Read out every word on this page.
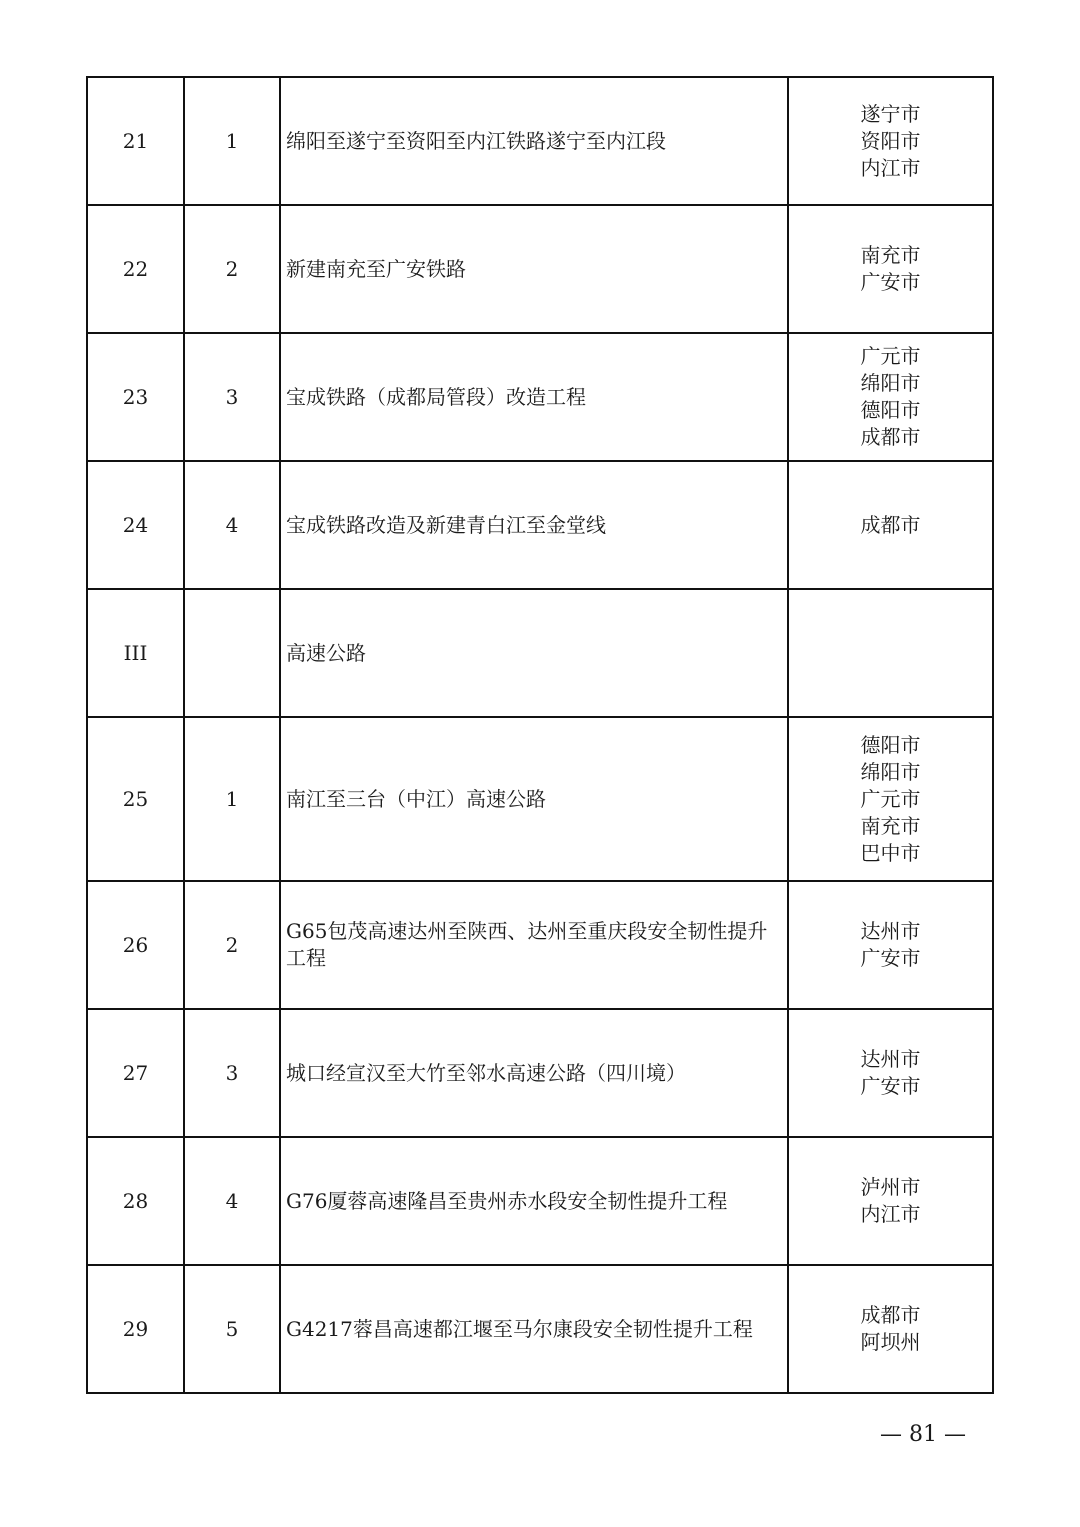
21	1	绵阳至遂宁至资阳至内江铁路遂宁至内江段	遂宁市
资阳市
内江市

22	2	新建南充至广安铁路	南充市
广安市

23	3	宝成铁路（成都局管段）改造工程	广元市
绵阳市
德阳市
成都市

24	4	宝成铁路改造及新建青白江至金堂线	成都市

III		高速公路	
25	1	南江至三台（中江）高速公路	德阳市
绵阳市
广元市
南充市
巴中市

26	2	G65包茂高速达州至陕西、达州至重庆段安全韧性提升工程	达州市
广安市

27	3	城口经宣汉至大竹至邻水高速公路（四川境）	达州市
广安市

28	4	G76厦蓉高速隆昌至贵州赤水段安全韧性提升工程	泸州市
内江市

29	5	G4217蓉昌高速都江堰至马尔康段安全韧性提升工程	成都市
阿坝州
— 81 —
